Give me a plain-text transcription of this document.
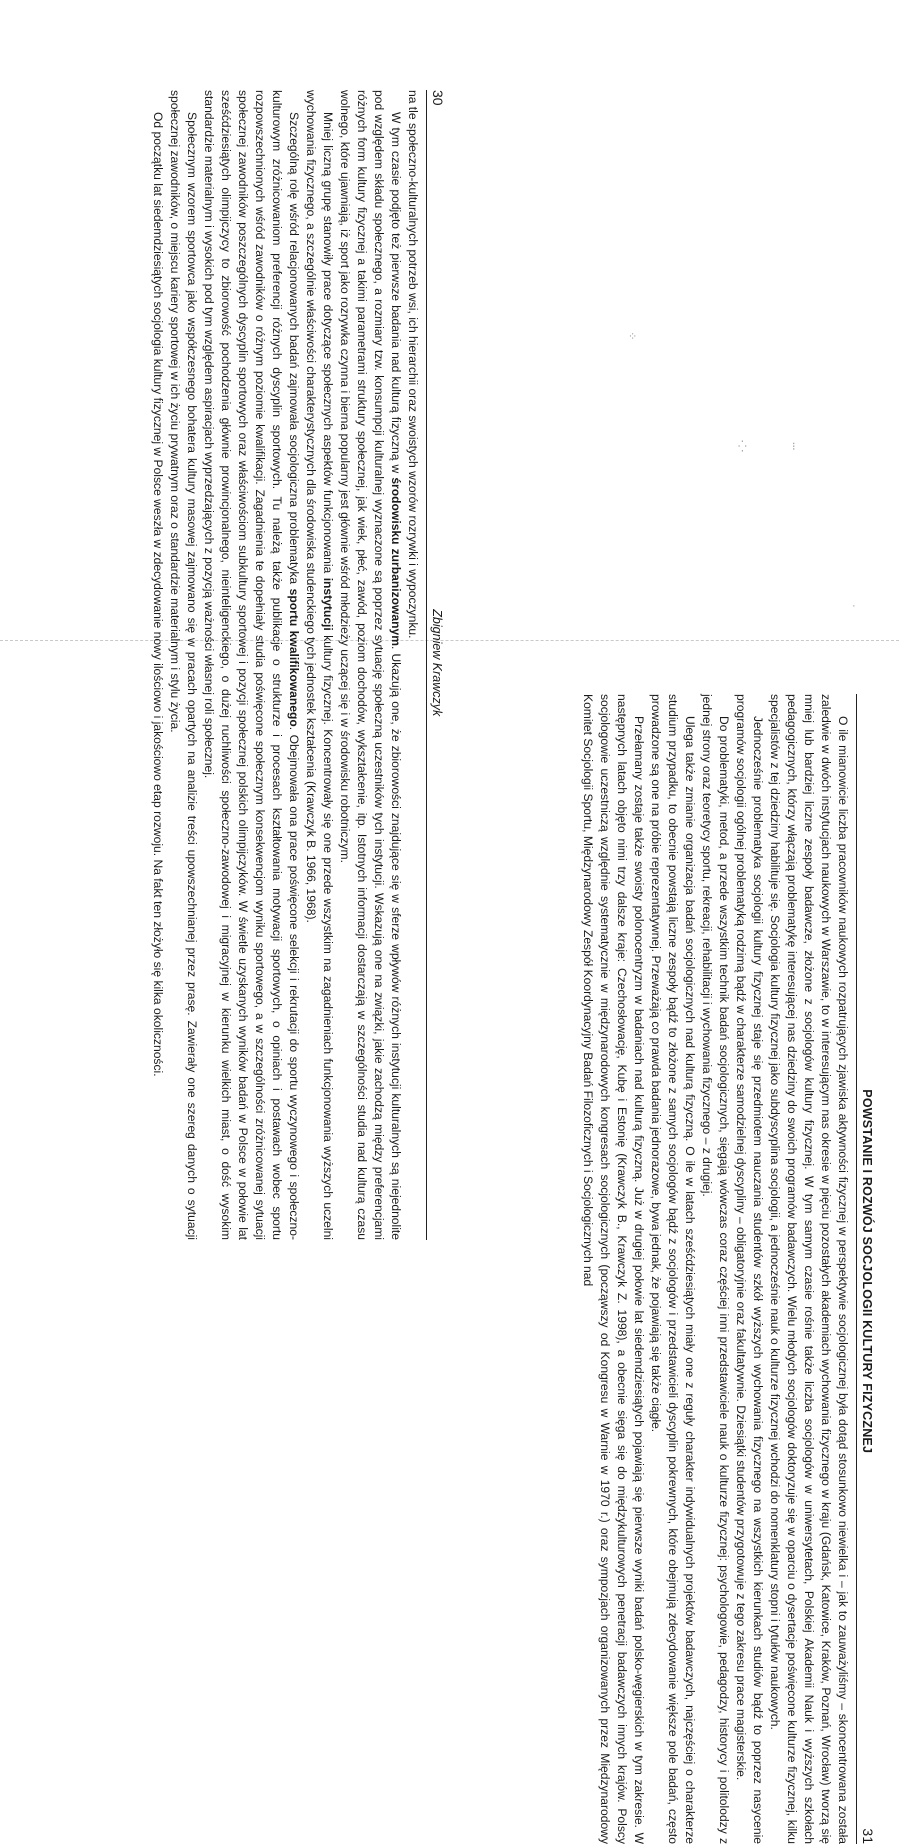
⁘
⁛	⁝
·
30
Zbigniew Krawczyk

na tle społeczno-kulturalnych potrzeb wsi, ich hierarchii oraz swoistych wzorów rozrywki i wypoczynku.

W tym czasie podjęto też pierwsze badania nad kulturą fizyczną w środowisku zurbanizowanym. Ukazują one, że zbiorowości znajdujące się w sferze wpływów różnych instytucji kulturalnych są niejednolite pod względem składu społecznego, a rozmiary tzw. konsumpcji kulturalnej wyznaczone są poprzez sytuację społeczną uczestników tych instytucji. Wskazują one na związki, jakie zachodzą między preferencjami różnych form kultury fizycznej a takimi parametrami struktury społecznej, jak wiek, płeć, zawód, poziom dochodów, wykształcenie, itp. Istotnych informacji dostarczają w szczególności studia nad kulturą czasu wolnego, które ujawniają, iż sport jako rozrywka czynna i bierna popularny jest głównie wśród młodzieży uczącej się i w środowisku robotniczym.

Mniej liczną grupę stanowiły prace dotyczące społecznych aspektów funkcjonowania instytucji kultury fizycznej. Koncentrowały się one przede wszystkim na zagadnieniach funkcjonowania wyższych uczelni wychowania fizycznego, a szczególnie właściwości charakterystycznych dla środowiska studenckiego tych jednostek kształcenia (Krawczyk B. 1966, 1968).

Szczególną rolę wśród relacjonowanych badań zajmowała socjologiczna problematyka sportu kwalifikowanego. Obejmowała ona prace poświęcone selekcji i rekrutacji do sportu wyczynowego i społeczno-kulturowym zróżnicowaniom preferencji różnych dyscyplin sportowych. Tu należą także publikacje o strukturze i procesach kształtowania motywacji sportowych, o opiniach i postawach wobec sportu rozpowszechnionych wśród zawodników o różnym poziomie kwalifikacji. Zagadnienia te dopełniały studia poświęcone społecznym konsekwencjom wyniku sportowego, a w szczególności zróżnicowanej sytuacji społecznej zawodników poszczególnych dyscyplin sportowych oraz właściwościom subkultury sportowej i pozycji społecznej polskich olimpijczyków. W świetle uzyskanych wyników badań w Polsce w połowie lat sześćdziesiątych olimpijczycy to zbiorowość pochodzenia głównie prowincjonalnego, nieinteligenckiego, o dużej ruchliwości społeczno-zawodowej i migracyjnej w kierunku wielkich miast, o dość wysokim standardzie materialnym i wysokich pod tym względem aspiracjach wyprzedzających z pozycją ważności własnej roli społecznej.

Społecznym wzorem sportowca jako współczesnego bohatera kultury masowej zajmowano się w pracach opartych na analizie treści upowszechnianej przez prasę. Zawierały one szereg danych o sytuacji społecznej zawodników, o miejscu kariery sportowej w ich życiu prywatnym oraz o standardzie materialnym i stylu życia.

Od początku lat siedemdziesiątych socjologia kultury fizycznej w Polsce weszła w zdecydowanie nowy ilościowo i jakościowo etap rozwoju. Na fakt ten złożyło się kilka okoliczności.

POWSTANIE I ROZWÓJ SOCJOLOGII KULTURY FIZYCZNEJ
31

O ile mianowicie liczba pracowników naukowych rozpatrujących zjawiska aktywności fizycznej w perspektywie socjologicznej była dotąd stosunkowo niewielka i – jak to zauważyliśmy – skoncentrowana została zaledwie w dwóch instytucjach naukowych w Warszawie, to w interesującym nas okresie w pięciu pozostałych akademiach wychowania fizycznego w kraju (Gdańsk, Katowice, Kraków, Poznań, Wrocław) tworzą się mniej lub bardziej liczne zespoły badawcze, złożone z socjologów kultury fizycznej. W tym samym czasie rośnie także liczba socjologów w uniwersytetach, Polskiej Akademii Nauk i wyższych szkołach pedagogicznych, którzy włączają problematykę interesującej nas dziedziny do swoich programów badawczych. Wielu młodych socjologów doktoryzuje się w oparciu o dysertacje poświęcone kulturze fizycznej, kilku specjalistów z tej dziedziny habilituje się. Socjologia kultury fizycznej jako subdyscyplina socjologii, a jednocześnie nauk o kulturze fizycznej wchodzi do nomenklatury stopni i tytułów naukowych.

Jednocześnie problematyka socjologii kultury fizycznej staje się przedmiotem nauczania studentów szkół wyższych wychowania fizycznego na wszystkich kierunkach studiów bądź to poprzez nasycenie programów socjologii ogólnej problematyką rodzimą bądź w charakterze samodzielnej dyscypliny – obligatoryjnie oraz fakultatywnie. Dziesiątki studentów przygotowuje z tego zakresu prace magisterskie.

Do problematyki, metod, a przede wszystkim technik badań socjologicznych, sięgają wówczas coraz częściej inni przedstawiciele nauk o kulturze fizycznej: psychologowie, pedagodzy, historycy i politolodzy z jednej strony oraz teoretycy sportu, rekreacji, rehabilitacji i wychowania fizycznego – z drugiej.

Ulega także zmianie organizacja badań socjologicznych nad kulturą fizyczną. O ile w latach sześćdziesiątych miały one z reguły charakter indywidualnych projektów badawczych, najczęściej o charakterze studium przypadku, to obecnie powstają liczne zespoły bądź to złożone z samych socjologów bądź z socjologów i przedstawicieli dyscyplin pokrewnych, które obejmują zdecydowanie większe pole badań, często prowadzone są one na próbie reprezentatywnej. Przeważają co prawda badania jednorazowe, bywa jednak, że pojawiają się także ciągłe.

Przełamany zostaje także swoisty polonocentryzm w badaniach nad kulturą fizyczną. Już w drugiej połowie lat siedemdziesiątych pojawiają się pierwsze wyniki badań polsko-węgierskich w tym zakresie. W następnych latach objęto nimi trzy dalsze kraje: Czechosłowację, Kubę i Estonię (Krawczyk B., Krawczyk Z. 1998), a obecnie sięga się do międzykulturowych penetracji badawczych innych krajów. Polscy socjologowie uczestniczą względnie systematycznie w międzynarodowych kongresach socjologicznych (począwszy od Kongresu w Warnie w 1970 r.) oraz sympozjach organizowanych przez Międzynarodowy Komitet Socjologii Sportu, Międzynarodowy Zespół Koordynacyjny Badań Filozoficznych i Socjologicznych nad
